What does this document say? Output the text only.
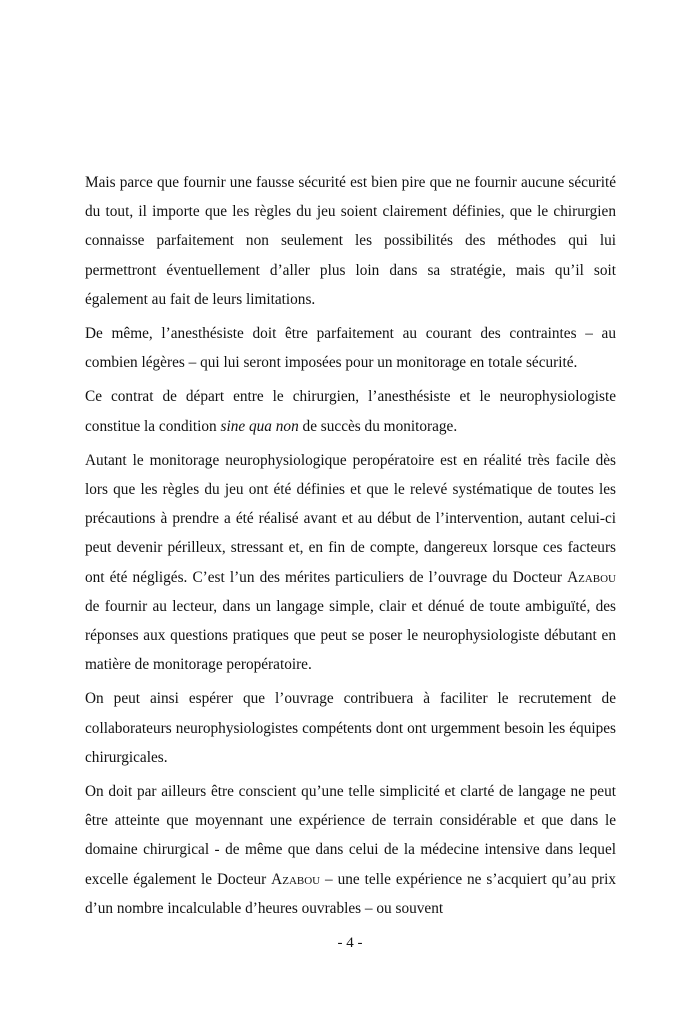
Mais parce que fournir une fausse sécurité est bien pire que ne fournir aucune sécurité du tout, il importe que les règles du jeu soient clairement définies, que le chirurgien connaisse parfaitement non seulement les possibilités des méthodes qui lui permettront éventuellement d’aller plus loin dans sa stratégie, mais qu’il soit également au fait de leurs limitations.

De même, l’anesthésiste doit être parfaitement au courant des contraintes – au combien légères – qui lui seront imposées pour un monitorage en totale sécurité.

Ce contrat de départ entre le chirurgien, l’anesthésiste et le neurophysiologiste constitue la condition sine qua non de succès du monitorage.

Autant le monitorage neurophysiologique peropératoire est en réalité très facile dès lors que les règles du jeu ont été définies et que le relevé systématique de toutes les précautions à prendre a été réalisé avant et au début de l’intervention, autant celui-ci peut devenir périlleux, stressant et, en fin de compte, dangereux lorsque ces facteurs ont été négligés. C’est l’un des mérites particuliers de l’ouvrage du Docteur Azabou de fournir au lecteur, dans un langage simple, clair et dénué de toute ambiguïté, des réponses aux questions pratiques que peut se poser le neurophysiologiste débutant en matière de monitorage peropératoire.

On peut ainsi espérer que l’ouvrage contribuera à faciliter le recrutement de collaborateurs neurophysiologistes compétents dont ont urgemment besoin les équipes chirurgicales.

On doit par ailleurs être conscient qu’une telle simplicité et clarté de langage ne peut être atteinte que moyennant une expérience de terrain considérable et que dans le domaine chirurgical - de même que dans celui de la médecine intensive dans lequel excelle également le Docteur Azabou – une telle expérience ne s’acquiert qu’au prix d’un nombre incalculable d’heures ouvrables – ou souvent

- 4 -
